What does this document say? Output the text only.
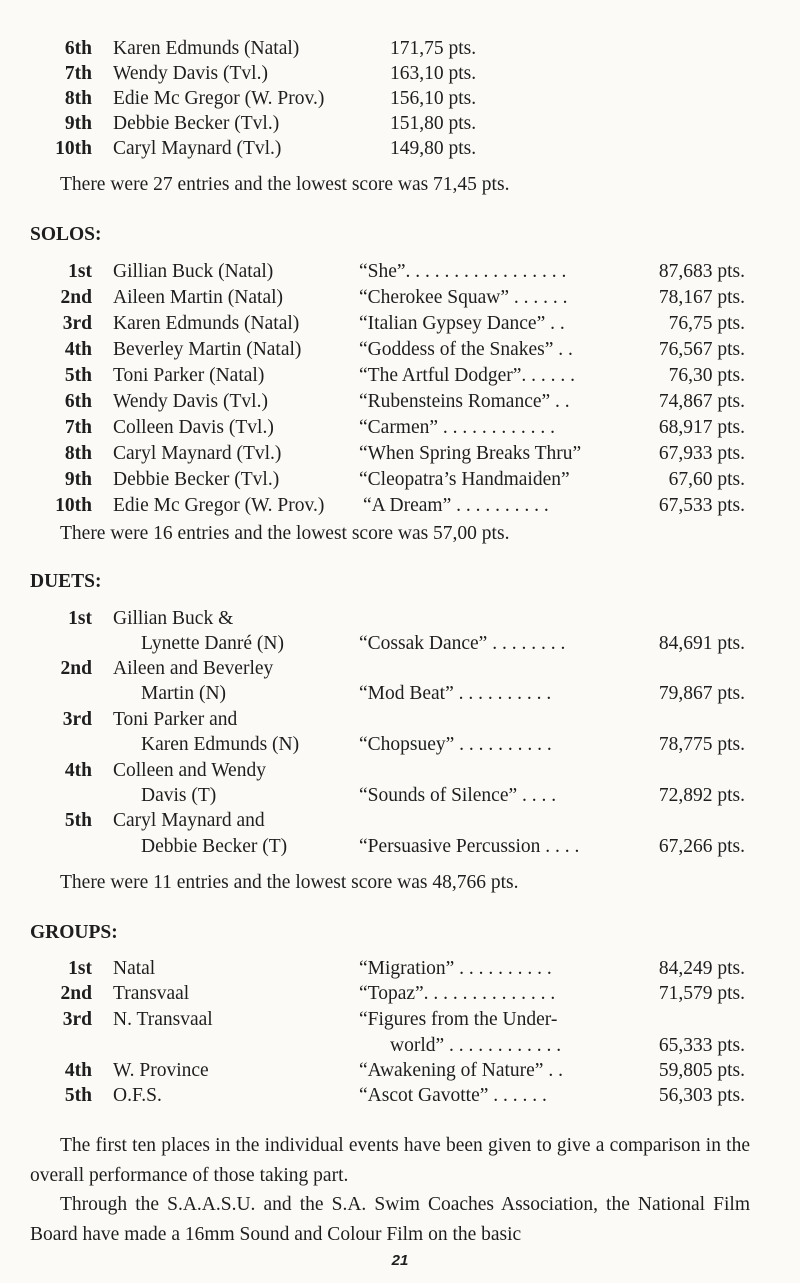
6th Karen Edmunds (Natal)	171,75 pts.
7th Wendy Davis (Tvl.)	163,10 pts.
8th Edie Mc Gregor (W. Prov.)	156,10 pts.
9th Debbie Becker (Tvl.)	151,80 pts.
10th Caryl Maynard (Tvl.)	149,80 pts.
There were 27 entries and the lowest score was 71,45 pts.
SOLOS:
1st Gillian Buck (Natal)	“She”. . . . . . . . . . . . . . . . .	87,683 pts.
2nd Aileen Martin (Natal)	“Cherokee Squaw” . . . . . .	78,167 pts.
3rd Karen Edmunds (Natal)	“Italian Gypsey Dance” . .	76,75 pts.
4th Beverley Martin (Natal)	“Goddess of the Snakes” . .	76,567 pts.
5th Toni Parker (Natal)	“The Artful Dodger”. . . . . .	76,30 pts.
6th Wendy Davis (Tvl.)	“Rubensteins Romance” . .	74,867 pts.
7th Colleen Davis (Tvl.)	“Carmen” . . . . . . . . . . . .	68,917 pts.
8th Caryl Maynard (Tvl.)	“When Spring Breaks Thru”	67,933 pts.
9th Debbie Becker (Tvl.)	“Cleopatra’s Handmaiden”	67,60 pts.
10th Edie Mc Gregor (W. Prov.) “A Dream” . . . . . . . . . .	67,533 pts.
There were 16 entries and the lowest score was 57,00 pts.
DUETS:
1st Gillian Buck &
Lynette Danré (N)	“Cossak Dance” . . . . . . . .	84,691 pts.
2nd Aileen and Beverley
Martin (N)	“Mod Beat” . . . . . . . . . .	79,867 pts.
3rd Toni Parker and
Karen Edmunds (N)	“Chopsuey” . . . . . . . . . .	78,775 pts.
4th Colleen and Wendy
Davis (T)	“Sounds of Silence” . . . .	72,892 pts.
5th Caryl Maynard and
Debbie Becker (T)	“Persuasive Percussion . . . .	67,266 pts.
There were 11 entries and the lowest score was 48,766 pts.
GROUPS:
1st Natal	“Migration” . . . . . . . . . .	84,249 pts.
2nd Transvaal	“Topaz”. . . . . . . . . . . . . .	71,579 pts.
3rd N. Transvaal	“Figures from the Under-
world” . . . . . . . . . . . .	65,333 pts.
4th W. Province	“Awakening of Nature” . .	59,805 pts.
5th O.F.S.	“Ascot Gavotte” . . . . . .	56,303 pts.
The first ten places in the individual events have been given to give a comparison in the overall performance of those taking part.
Through the S.A.A.S.U. and the S.A. Swim Coaches Association, the National Film Board have made a 16mm Sound and Colour Film on the basic
21
